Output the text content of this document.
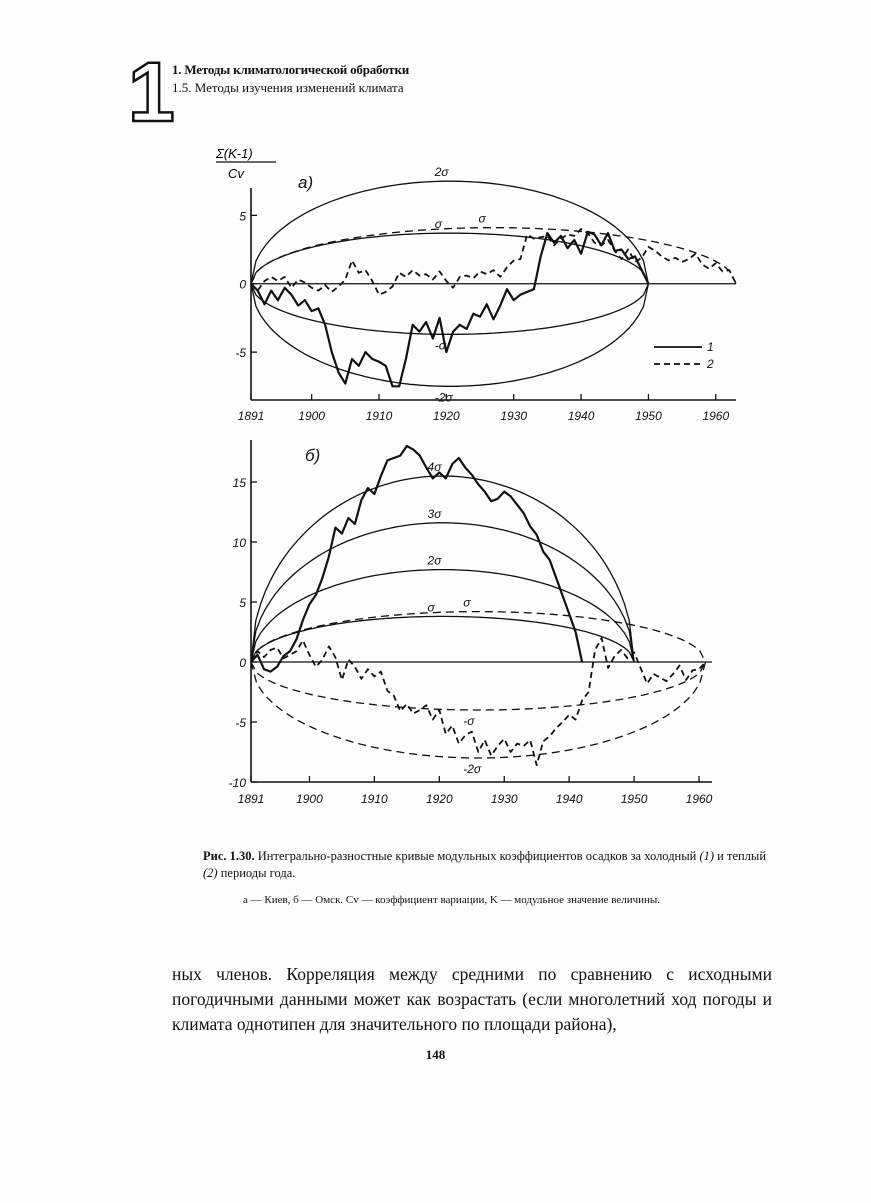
1
1. Методы климатологической обработки
1.5. Методы изучения изменений климата
Σ(K-1)
Cv
1891	1900	1910	1920	1930	1940	1950	1960
5
0
-5
а)
2σ
-2σ
σ
-σ
σ
1
2
1891	1900	1910	1920	1930	1940	1950	1960
15
10
5
0
-5
-10
б)
4σ
3σ
2σ
σ σ
-σ
-2σ
Рис. 1.30. Интегрально-разностные кривые модульных коэффициентов осадков за холодный (1) и теплый (2) периоды года.
а — Киев, б — Омск. Cv — коэффициент вариации, K — модульное значение величины.
ных членов. Корреляция между средними по сравнению с исходными погодичными данными может как возрастать (если многолетний ход погоды и климата однотипен для значительного по площади района),
148
